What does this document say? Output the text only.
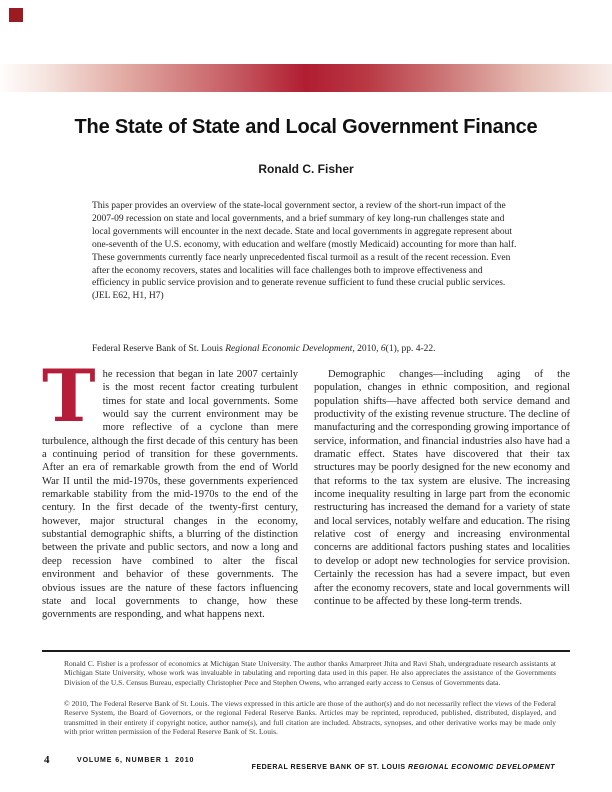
The State of State and Local Government Finance
Ronald C. Fisher
This paper provides an overview of the state-local government sector, a review of the short-run impact of the 2007-09 recession on state and local governments, and a brief summary of key long-run challenges state and local governments will encounter in the next decade. State and local governments in aggregate represent about one-seventh of the U.S. economy, with education and welfare (mostly Medicaid) accounting for more than half. These governments currently face nearly unprecedented fiscal turmoil as a result of the recent recession. Even after the economy recovers, states and localities will face challenges both to improve effectiveness and efficiency in public service provision and to generate revenue sufficient to fund these crucial public services.
(JEL E62, H1, H7)
Federal Reserve Bank of St. Louis Regional Economic Development, 2010, 6(1), pp. 4-22.
The recession that began in late 2007 certainly is the most recent factor creating turbulent times for state and local governments. Some would say the current environment may be more reflective of a cyclone than mere turbulence, although the first decade of this century has been a continuing period of transition for these governments. After an era of remarkable growth from the end of World War II until the mid-1970s, these governments experienced remarkable stability from the mid-1970s to the end of the century. In the first decade of the twenty-first century, however, major structural changes in the economy, substantial demographic shifts, a blurring of the distinction between the private and public sectors, and now a long and deep recession have combined to alter the fiscal environment and behavior of these governments. The obvious issues are the nature of these factors influencing state and local governments to change, how these governments are responding, and what happens next.
Demographic changes—including aging of the population, changes in ethnic composition, and regional population shifts—have affected both service demand and productivity of the existing revenue structure. The decline of manufacturing and the corresponding growing importance of service, information, and financial industries also have had a dramatic effect. States have discovered that their tax structures may be poorly designed for the new economy and that reforms to the tax system are elusive. The increasing income inequality resulting in large part from the economic restructuring has increased the demand for a variety of state and local services, notably welfare and education. The rising relative cost of energy and increasing environmental concerns are additional factors pushing states and localities to develop or adopt new technologies for service provision. Certainly the recession has had a severe impact, but even after the economy recovers, state and local governments will continue to be affected by these long-term trends.
Ronald C. Fisher is a professor of economics at Michigan State University. The author thanks Amarpreet Jhita and Ravi Shah, undergraduate research assistants at Michigan State University, whose work was invaluable in tabulating and reporting data used in this paper. He also appreciates the assistance of the Governments Division of the U.S. Census Bureau, especially Christopher Pece and Stephen Owens, who arranged early access to Census of Governments data.
© 2010, The Federal Reserve Bank of St. Louis. The views expressed in this article are those of the author(s) and do not necessarily reflect the views of the Federal Reserve System, the Board of Governors, or the regional Federal Reserve Banks. Articles may be reprinted, reproduced, published, distributed, displayed, and transmitted in their entirety if copyright notice, author name(s), and full citation are included. Abstracts, synopses, and other derivative works may be made only with prior written permission of the Federal Reserve Bank of St. Louis.
4	VOLUME 6, NUMBER 1  2010

FEDERAL RESERVE BANK OF ST. LOUIS REGIONAL ECONOMIC DEVELOPMENT
